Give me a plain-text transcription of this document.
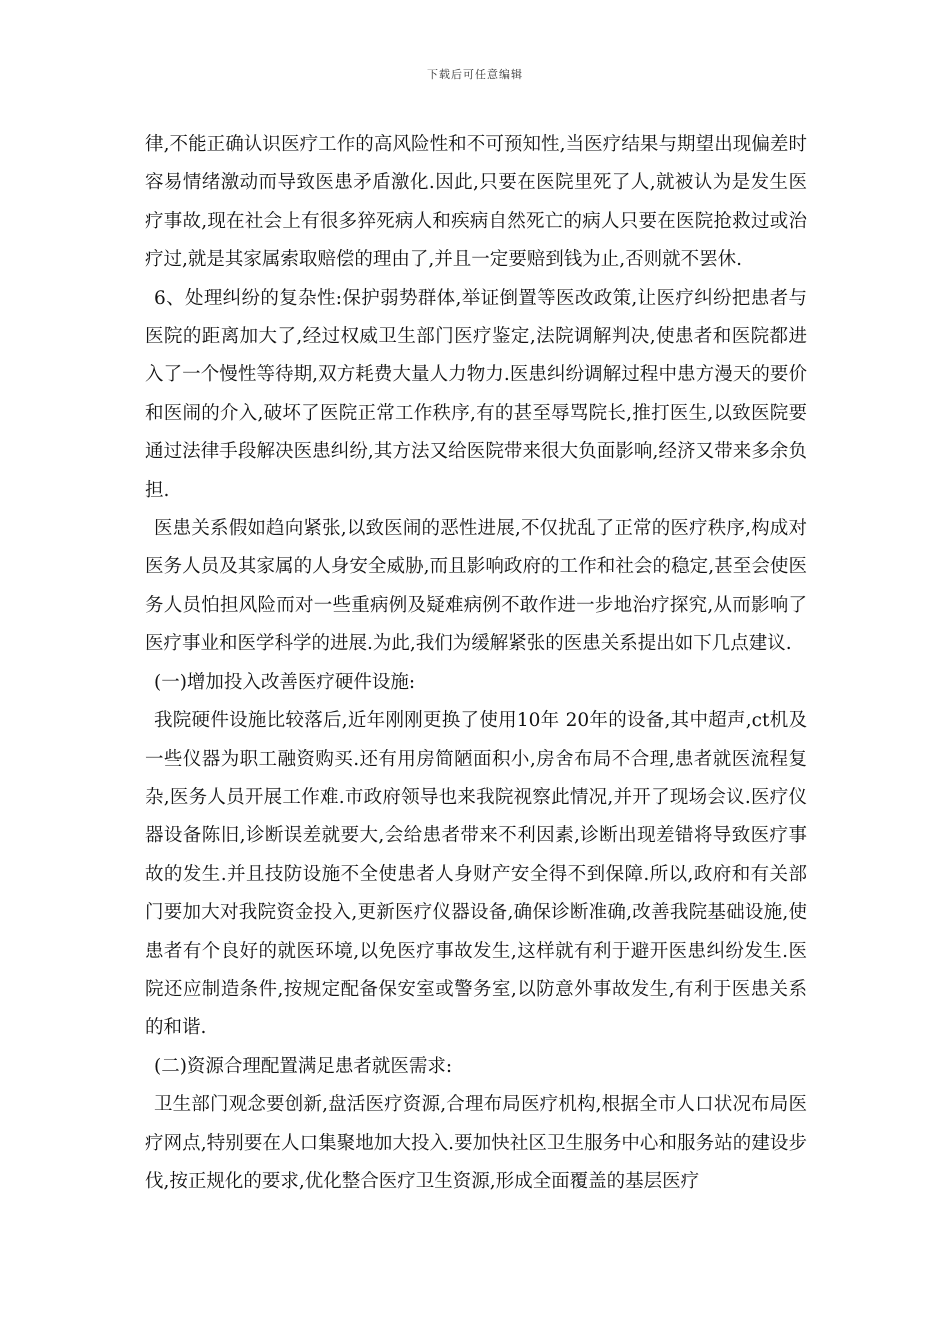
下载后可任意编辑

律,不能正确认识医疗工作的高风险性和不可预知性,当医疗结果与期望出现偏差时容易情绪激动而导致医患矛盾激化.因此,只要在医院里死了人,就被认为是发生医疗事故,现在社会上有很多猝死病人和疾病自然死亡的病人只要在医院抢救过或治疗过,就是其家属索取赔偿的理由了,并且一定要赔到钱为止,否则就不罢休.

6、处理纠纷的复杂性:保护弱势群体,举证倒置等医改政策,让医疗纠纷把患者与医院的距离加大了,经过权威卫生部门医疗鉴定,法院调解判决,使患者和医院都进入了一个慢性等待期,双方耗费大量人力物力.医患纠纷调解过程中患方漫天的要价和医闹的介入,破坏了医院正常工作秩序,有的甚至辱骂院长,推打医生,以致医院要通过法律手段解决医患纠纷,其方法又给医院带来很大负面影响,经济又带来多余负担.

医患关系假如趋向紧张,以致医闹的恶性进展,不仅扰乱了正常的医疗秩序,构成对医务人员及其家属的人身安全威胁,而且影响政府的工作和社会的稳定,甚至会使医务人员怕担风险而对一些重病例及疑难病例不敢作进一步地治疗探究,从而影响了医疗事业和医学科学的进展.为此,我们为缓解紧张的医患关系提出如下几点建议.

(一)增加投入改善医疗硬件设施:

我院硬件设施比较落后,近年刚刚更换了使用10年 20年的设备,其中超声,ct机及一些仪器为职工融资购买.还有用房简陋面积小,房舍布局不合理,患者就医流程复杂,医务人员开展工作难.市政府领导也来我院视察此情况,并开了现场会议.医疗仪器设备陈旧,诊断误差就要大,会给患者带来不利因素,诊断出现差错将导致医疗事故的发生.并且技防设施不全使患者人身财产安全得不到保障.所以,政府和有关部门要加大对我院资金投入,更新医疗仪器设备,确保诊断准确,改善我院基础设施,使患者有个良好的就医环境,以免医疗事故发生,这样就有利于避开医患纠纷发生.医院还应制造条件,按规定配备保安室或警务室,以防意外事故发生,有利于医患关系的和谐.

(二)资源合理配置满足患者就医需求:

卫生部门观念要创新,盘活医疗资源,合理布局医疗机构,根据全市人口状况布局医疗网点,特别要在人口集聚地加大投入.要加快社区卫生服务中心和服务站的建设步伐,按正规化的要求,优化整合医疗卫生资源,形成全面覆盖的基层医疗
